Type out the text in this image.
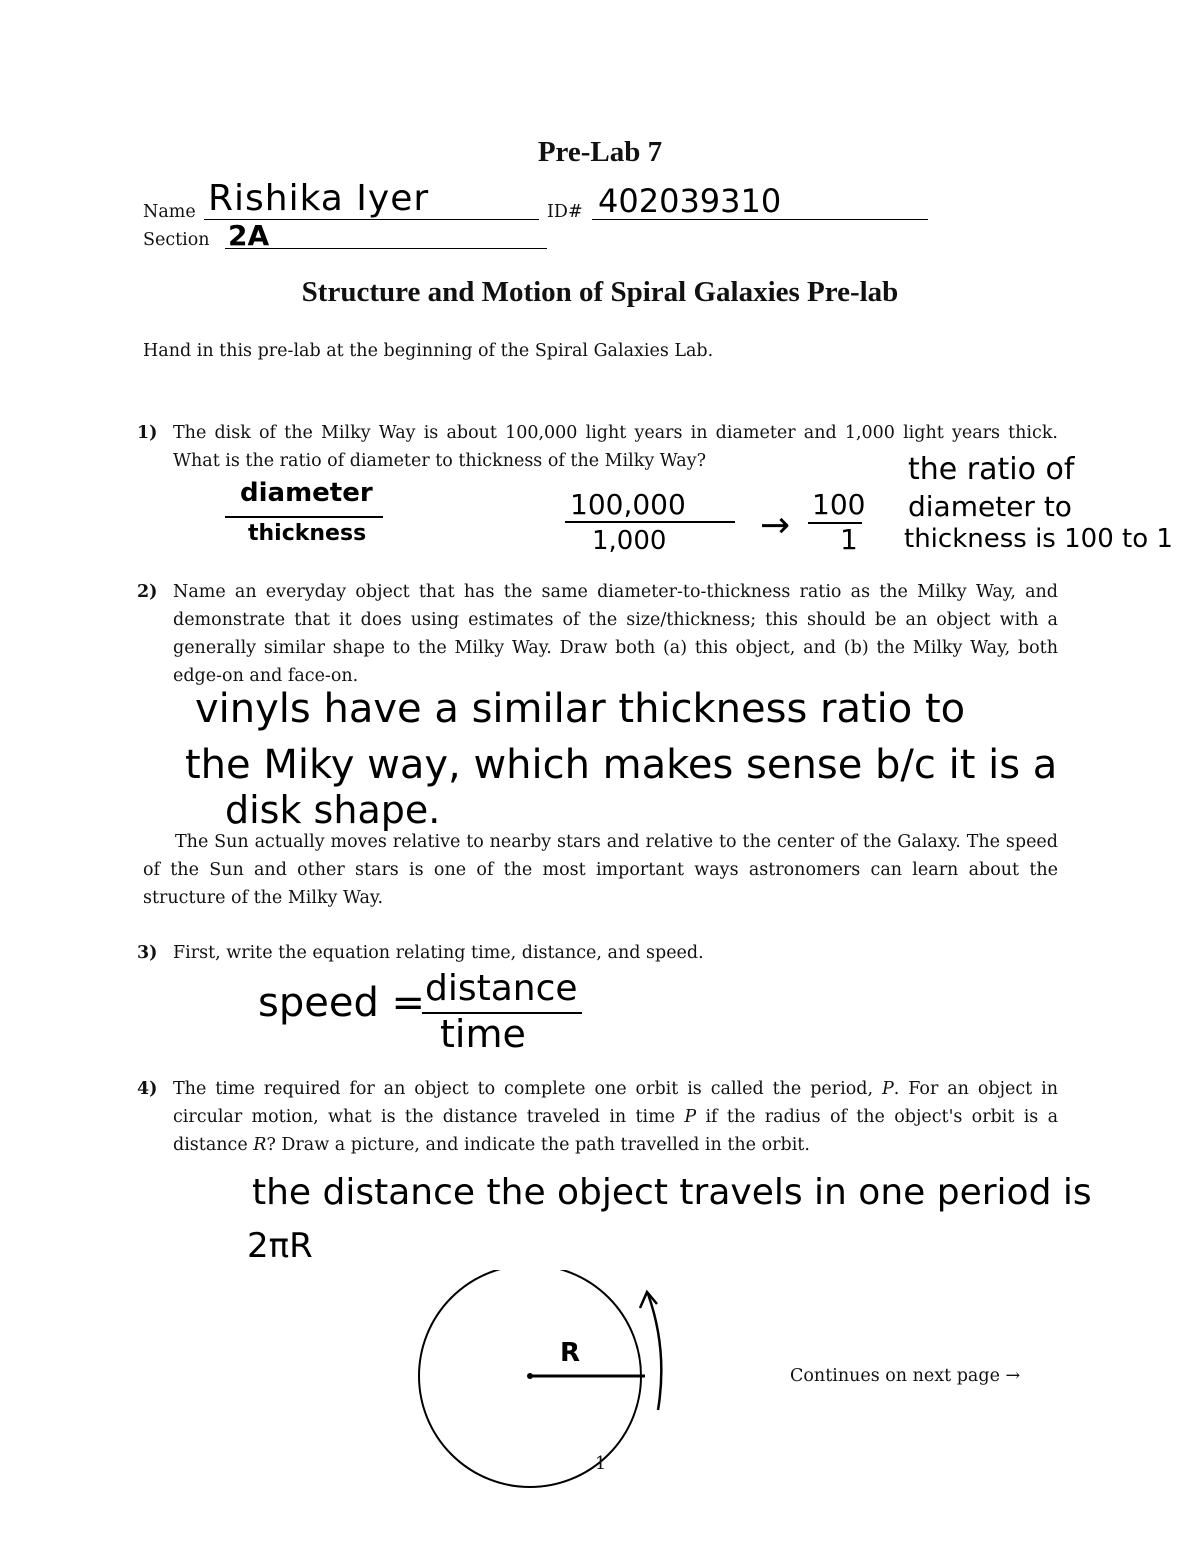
Pre-Lab 7
Name Rishika Iyer	ID# 402039310
Section 2A
Structure and Motion of Spiral Galaxies Pre-lab
Hand in this pre-lab at the beginning of the Spiral Galaxies Lab.
1) The disk of the Milky Way is about 100,000 light years in diameter and 1,000 light years thick. What is the ratio of diameter to thickness of the Milky Way?
diameter
thickness
100,000
1,000	→
100
1
the ratio of
diameter to
thickness is 100 to 1
2) Name an everyday object that has the same diameter-to-thickness ratio as the Milky Way, and demonstrate that it does using estimates of the size/thickness; this should be an object with a generally similar shape to the Milky Way. Draw both (a) this object, and (b) the Milky Way, both edge-on and face-on.
vinyls have a similar thickness ratio to
the Miky way, which makes sense b/c it is a
disk shape.
The Sun actually moves relative to nearby stars and relative to the center of the Galaxy. The speed of the Sun and other stars is one of the most important ways astronomers can learn about the structure of the Milky Way.
3) First, write the equation relating time, distance, and speed.
speed = distance
time
4) The time required for an object to complete one orbit is called the period, P. For an object in circular motion, what is the distance traveled in time P if the radius of the object's orbit is a distance R? Draw a picture, and indicate the path travelled in the orbit.
the distance the object travels in one period is
2πR
R
Continues on next page →
1
